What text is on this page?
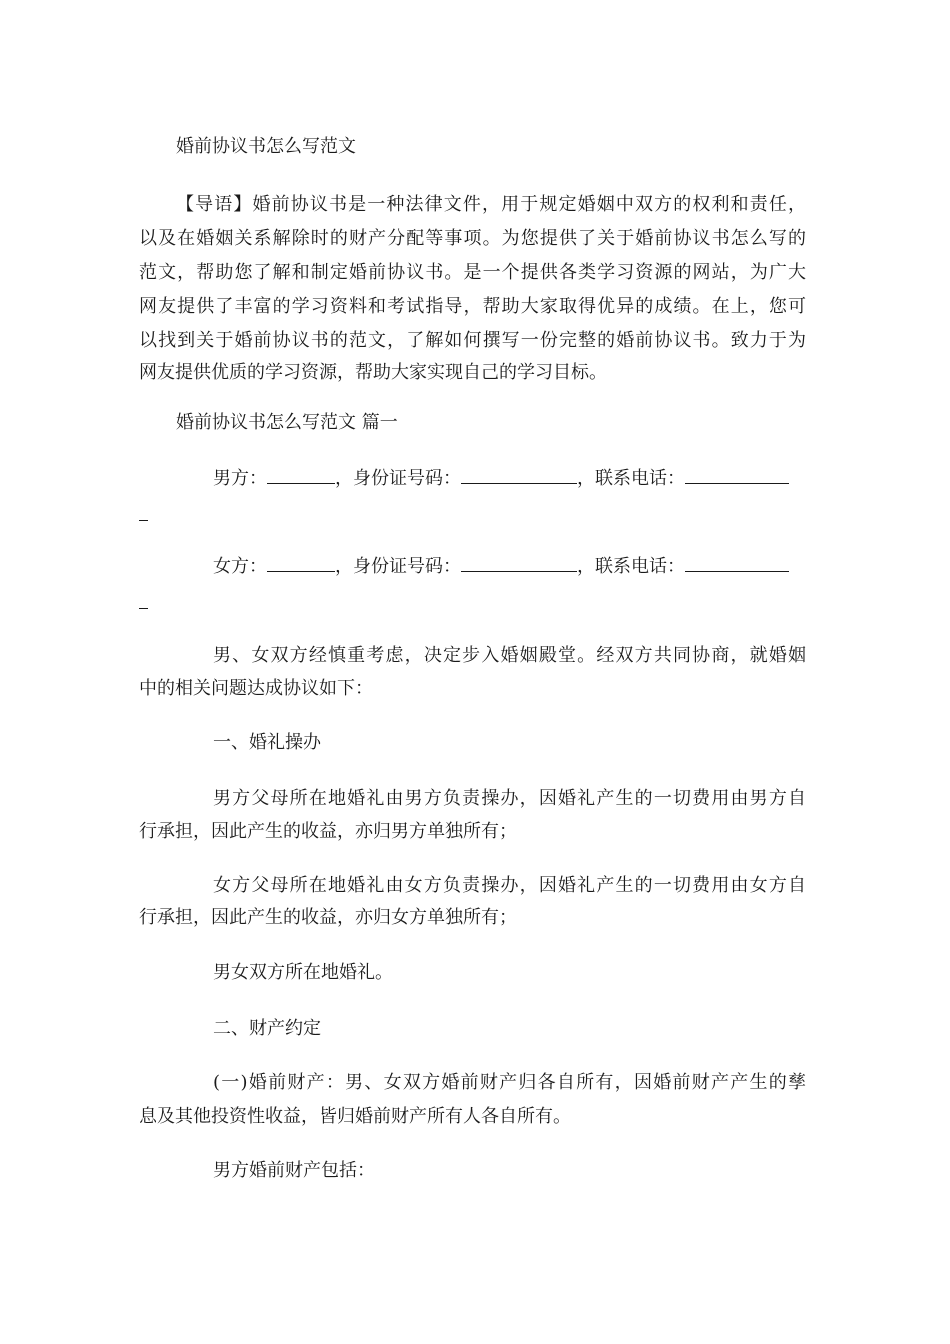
婚前协议书怎么写范文

【导语】婚前协议书是一种法律文件，用于规定婚姻中双方的权利和责任，

以及在婚姻关系解除时的财产分配等事项。为您提供了关于婚前协议书怎么写的

范文，帮助您了解和制定婚前协议书。是一个提供各类学习资源的网站，为广大

网友提供了丰富的学习资料和考试指导，帮助大家取得优异的成绩。在上，您可

以找到关于婚前协议书的范文，了解如何撰写一份完整的婚前协议书。致力于为

网友提供优质的学习资源，帮助大家实现自己的学习目标。

婚前协议书怎么写范文 篇一

男方：	，身份证号码：	，联系电话：
女方：	，身份证号码：	，联系电话：

男、女双方经慎重考虑，决定步入婚姻殿堂。经双方共同协商，就婚姻

中的相关问题达成协议如下：

一、婚礼操办

男方父母所在地婚礼由男方负责操办，因婚礼产生的一切费用由男方自

行承担，因此产生的收益，亦归男方单独所有；

女方父母所在地婚礼由女方负责操办，因婚礼产生的一切费用由女方自

行承担，因此产生的收益，亦归女方单独所有；

男女双方所在地婚礼。

二、财产约定

(一)婚前财产：男、女双方婚前财产归各自所有，因婚前财产产生的孳

息及其他投资性收益，皆归婚前财产所有人各自所有。

男方婚前财产包括：
